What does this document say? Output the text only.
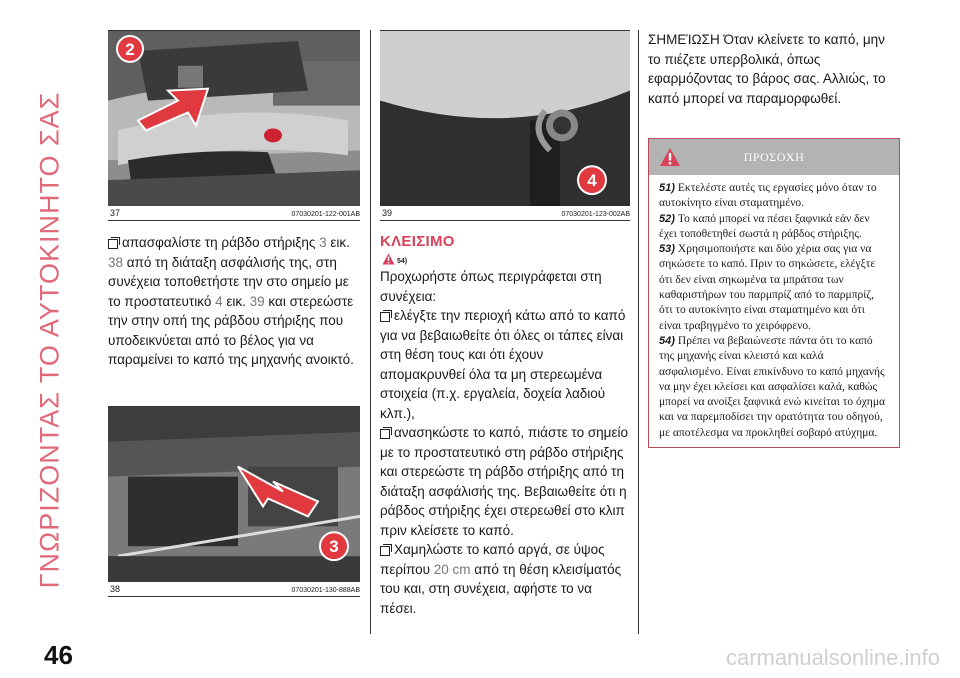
ΓΝΩΡΙΖΟΝΤΑΣ ΤΟ ΑΥΤΟΚΙΝΗΤΟ ΣΑΣ
2
37	07030201-122-001AB

απασφαλίστε τη ράβδο στήριξης 3 εικ. 38 από τη διάταξη ασφάλισής της, στη συνέχεια τοποθετήστε την στο σημείο με το προστατευτικό 4 εικ. 39 και στερεώστε την στην οπή της ράβδου στήριξης που υποδεικνύεται από το βέλος για να παραμείνει το καπό της μηχανής ανοικτό.

3
38	07030201-130-888AB
4
39	07030201-123-002AB
ΚΛΕΙΣΙΜΟ
54)

Προχωρήστε όπως περιγράφεται στη συνέχεια:

ελέγξτε την περιοχή κάτω από το καπό για να βεβαιωθείτε ότι όλες οι τάπες είναι στη θέση τους και ότι έχουν απομακρυνθεί όλα τα μη στερεωμένα στοιχεία (π.χ. εργαλεία, δοχεία λαδιού κλπ.),

ανασηκώστε το καπό, πιάστε το σημείο με το προστατευτικό στη ράβδο στήριξης και στερεώστε τη ράβδο στήριξης από τη διάταξη ασφάλισής της. Βεβαιωθείτε ότι η ράβδος στήριξης έχει στερεωθεί στο κλιπ πριν κλείσετε το καπό.

Χαμηλώστε το καπό αργά, σε ύψος περίπου 20 cm από τη θέση κλεισίματός του και, στη συνέχεια, αφήστε το να πέσει.

ΣΗΜΕΊΩΣΗ Όταν κλείνετε το καπό, μην το πιέζετε υπερβολικά, όπως εφαρμόζοντας το βάρος σας. Αλλιώς, το καπό μπορεί να παραμορφωθεί.

ΠΡΟΣΟΧΗ

51) Εκτελέστε αυτές τις εργασίες μόνο όταν το αυτοκίνητο είναι σταματημένο.

52) Το καπό μπορεί να πέσει ξαφνικά εάν δεν έχει τοποθετηθεί σωστά η ράβδος στήριξης.

53) Χρησιμοποιήστε και δύο χέρια σας για να σηκώσετε το καπό. Πριν το σηκώσετε, ελέγξτε ότι δεν είναι σηκωμένα τα μπράτσα των καθαριστήρων του παρμπρίζ από το παρμπρίζ, ότι το αυτοκίνητο είναι σταματημένο και ότι είναι τραβηγμένο το χειρόφρενο.

54) Πρέπει να βεβαιώνεστε πάντα ότι το καπό της μηχανής είναι κλειστό και καλά ασφαλισμένο. Είναι επικίνδυνο το καπό μηχανής να μην έχει κλείσει και ασφαλίσει καλά, καθώς μπορεί να ανοίξει ξαφνικά ενώ κινείται το όχημα και να παρεμποδίσει την ορατότητα του οδηγού, με αποτέλεσμα να προκληθεί σοβαρό ατύχημα.

46	carmanualsonline.info
